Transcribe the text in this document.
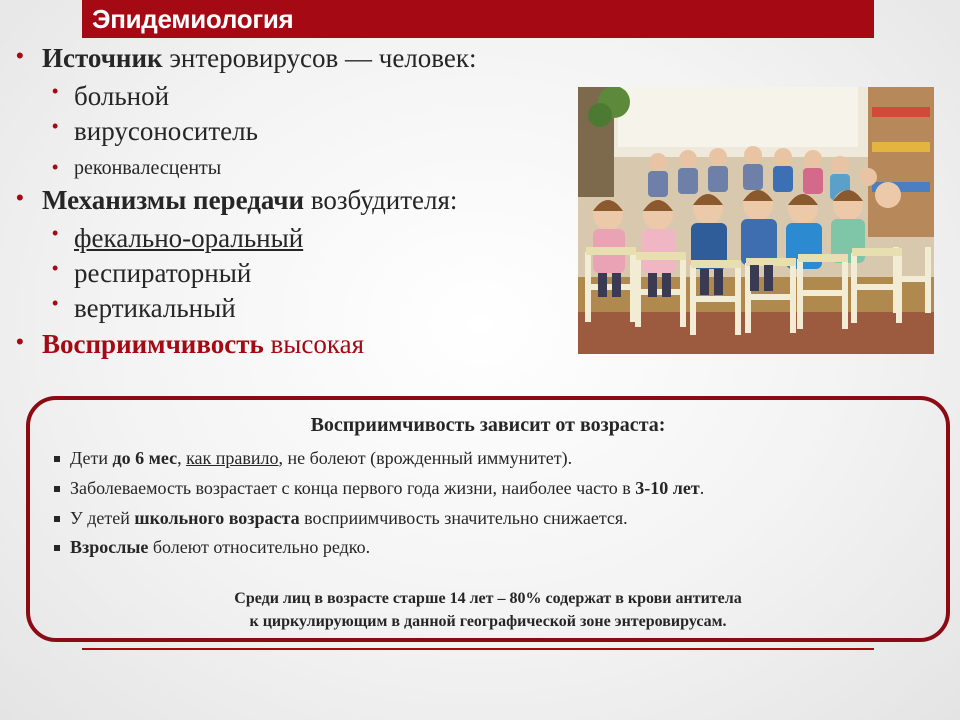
Эпидемиология
• Источник энтеровирусов — человек:
• больной
• вирусоноситель
• реконвалесценты
• Механизмы передачи возбудителя:
• фекально-оральный
• респираторный
• вертикальный
• Восприимчивость высокая
Восприимчивость зависит от возраста:
Дети до 6 мес, как правило, не болеют (врожденный иммунитет).
Заболеваемость возрастает с конца первого года жизни, наиболее часто в 3-10 лет.
У детей школьного возраста восприимчивость значительно снижается.
Взрослые болеют относительно редко.
Среди лиц в возрасте старше 14 лет – 80% содержат в крови антитела
к циркулирующим в данной географической зоне энтеровирусам.
